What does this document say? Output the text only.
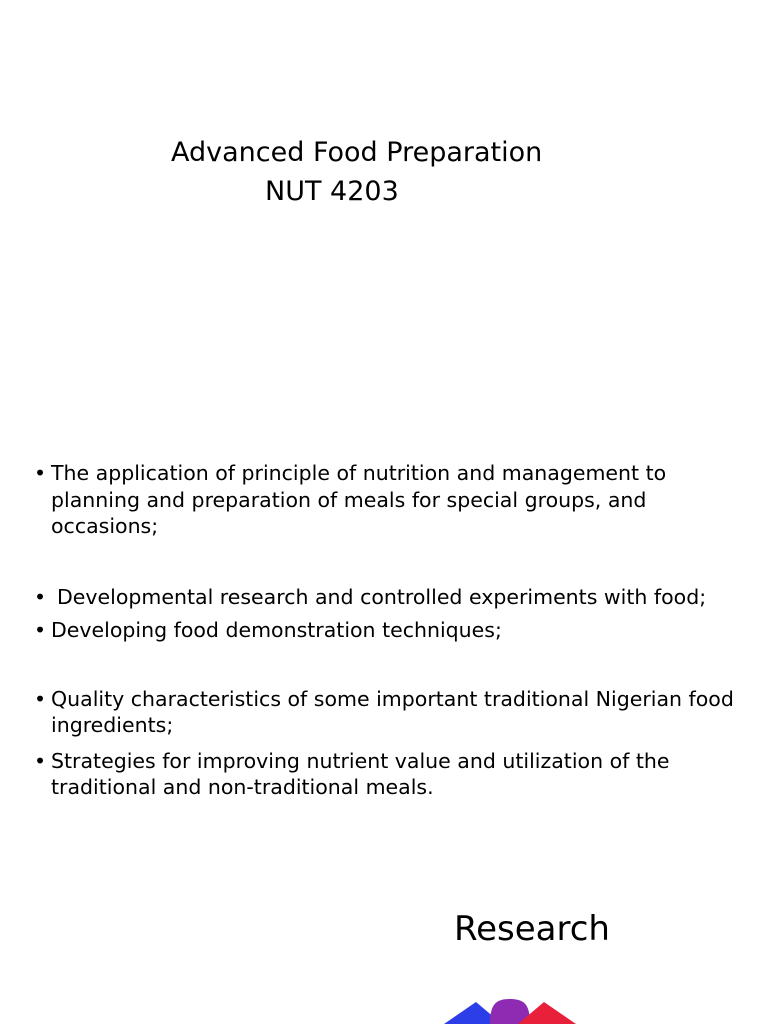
Advanced Food Preparation
NUT 4203
• The application of principle of nutrition and management to planning and preparation of meals for special groups, and occasions;
• Developmental research and controlled experiments with food;
• Developing food demonstration techniques;
• Quality characteristics of some important traditional Nigerian food ingredients;
• Strategies for improving nutrient value and utilization of the traditional and non-traditional meals.
Research
